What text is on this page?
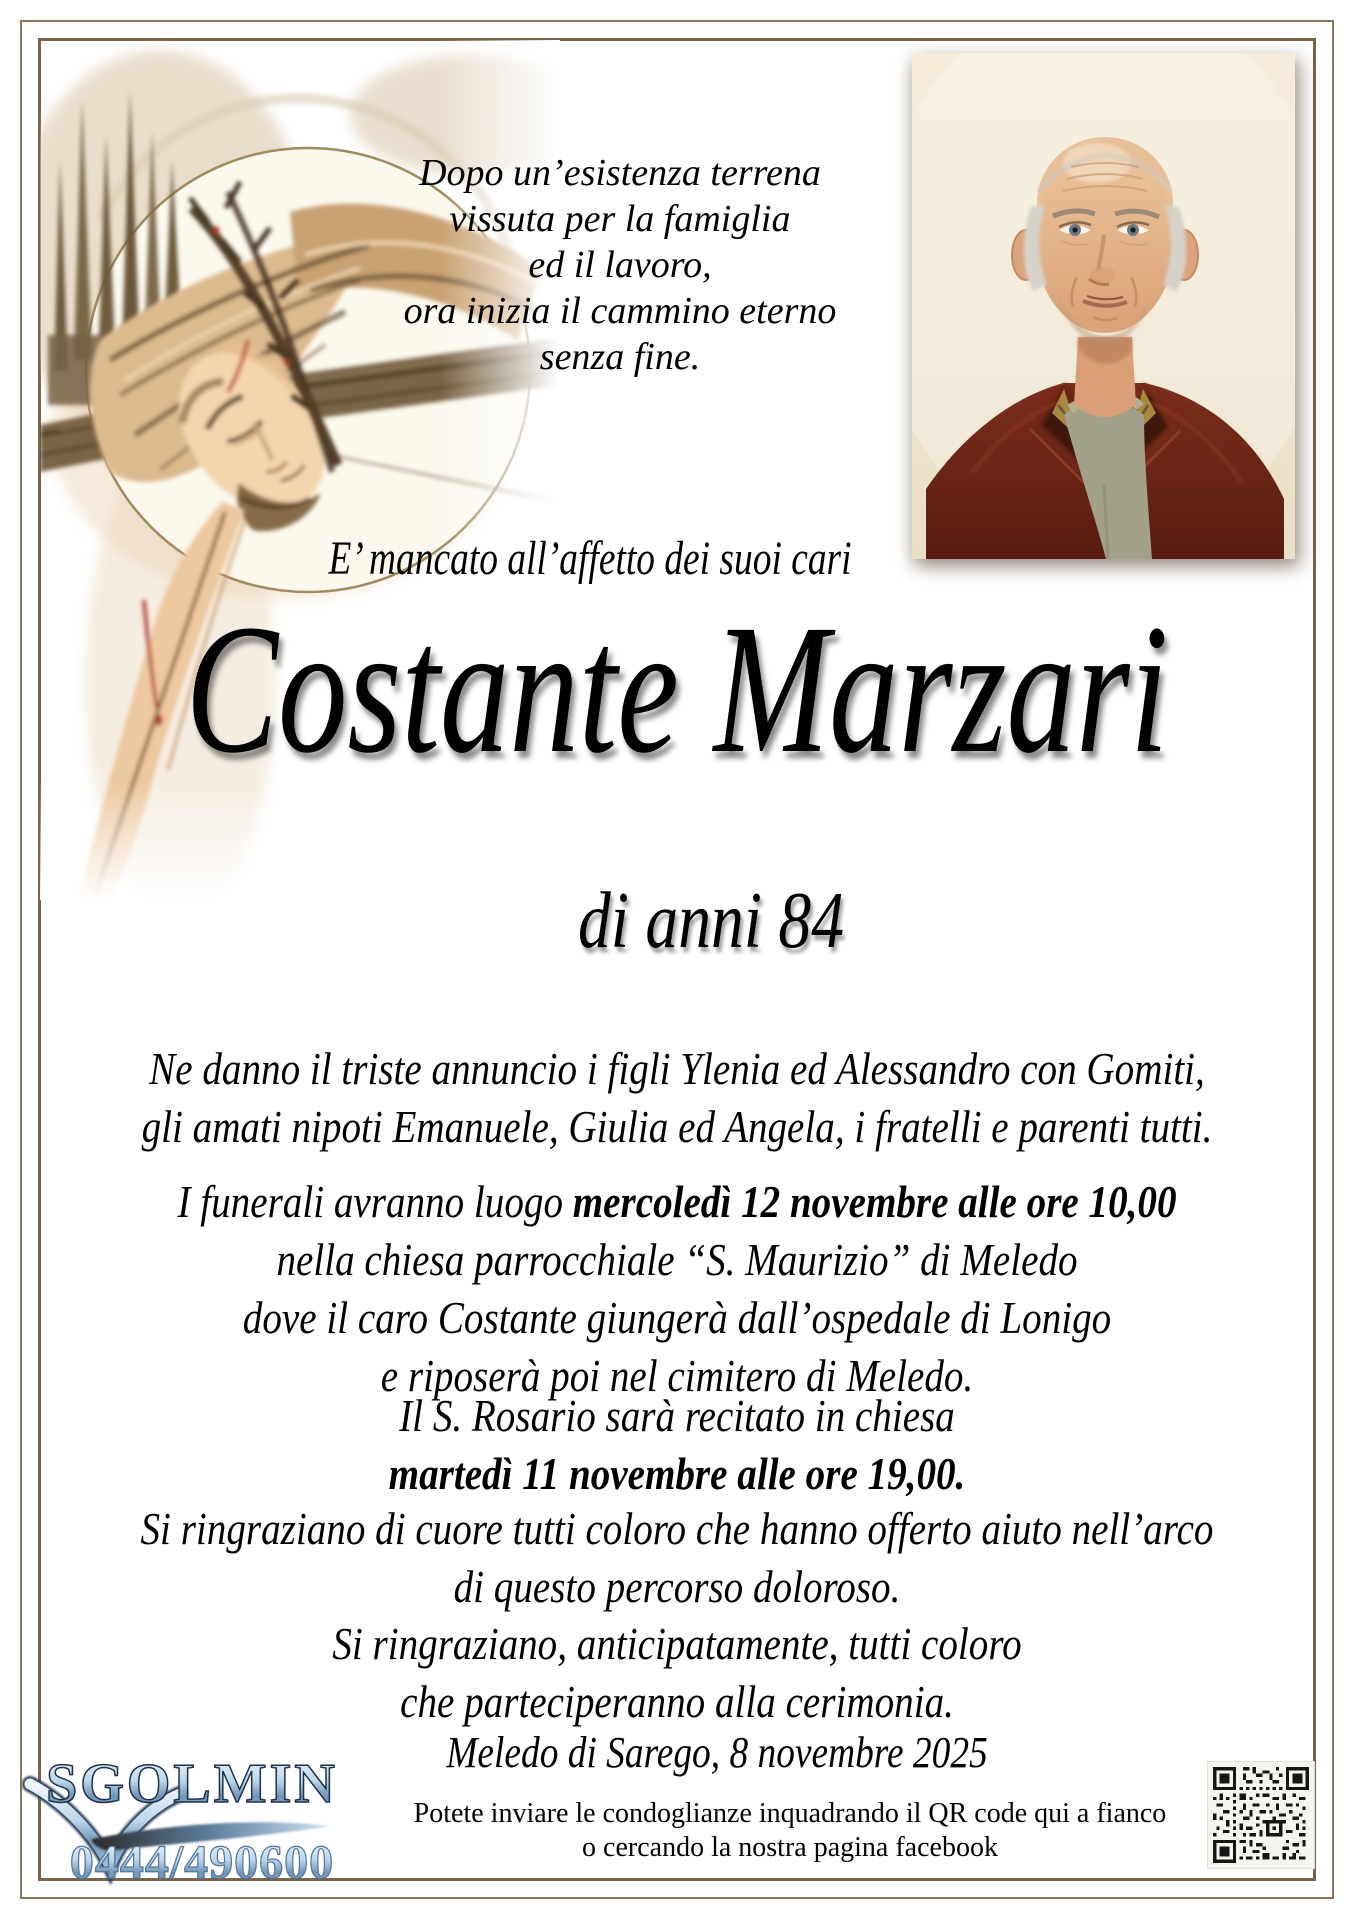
Dopo un’esistenza terrena
vissuta per la famiglia
ed il lavoro,
ora inizia il cammino eterno
senza fine.
E’ mancato all’affetto dei suoi cari
Costante Marzari
di anni 84
Ne danno il triste annuncio i figli Ylenia ed Alessandro con Gomiti,
gli amati nipoti Emanuele, Giulia ed Angela, i fratelli e parenti tutti.
I funerali avranno luogo mercoledì 12 novembre alle ore 10,00
nella chiesa parrocchiale “S. Maurizio” di Meledo
dove il caro Costante giungerà dall’ospedale di Lonigo
e riposerà poi nel cimitero di Meledo.
Il S. Rosario sarà recitato in chiesa
martedì 11 novembre alle ore 19,00.
Si ringraziano di cuore tutti coloro che hanno offerto aiuto nell’arco
di questo percorso doloroso.
Si ringraziano, anticipatamente, tutti coloro
che parteciperanno alla cerimonia.
Meledo di Sarego, 8 novembre 2025
Potete inviare le condoglianze inquadrando il QR code qui a fianco
o cercando la nostra pagina facebook
SGOLMIN
0444/490600
